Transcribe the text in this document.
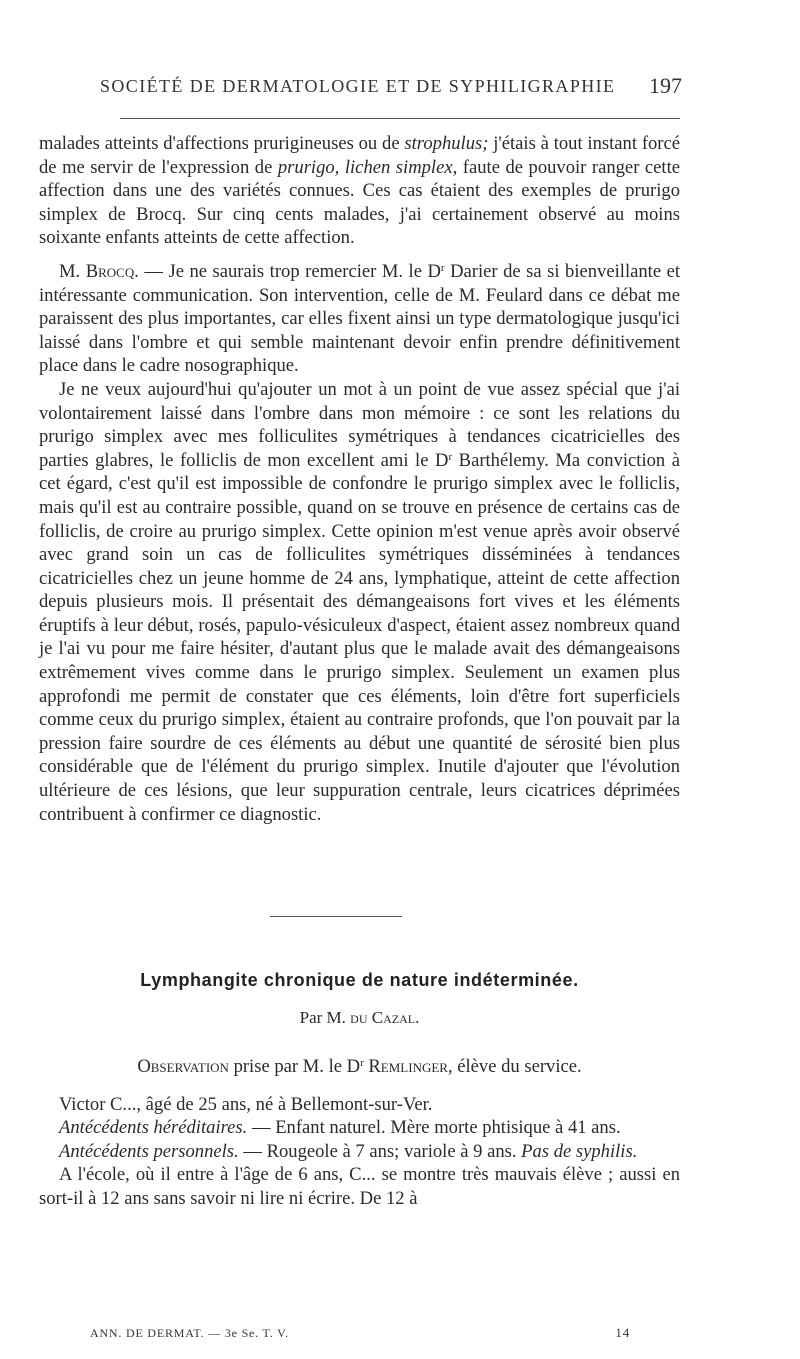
SOCIÉTÉ DE DERMATOLOGIE ET DE SYPHILIGRAPHIE 197

malades atteints d'affections prurigineuses ou de strophulus; j'étais à tout instant forcé de me servir de l'expression de prurigo, lichen simplex, faute de pouvoir ranger cette affection dans une des variétés connues. Ces cas étaient des exemples de prurigo simplex de Brocq. Sur cinq cents malades, j'ai certainement observé au moins soixante enfants atteints de cette affection.

M. Brocq. — Je ne saurais trop remercier M. le $D^r$ Darier de sa si bienveillante et intéressante communication. Son intervention, celle de M. Feulard dans ce débat me paraissent des plus importantes, car elles fixent ainsi un type dermatologique jusqu'ici laissé dans l'ombre et qui semble maintenant devoir enfin prendre définitivement place dans le cadre nosographique.

Je ne veux aujourd'hui qu'ajouter un mot à un point de vue assez spécial que j'ai volontairement laissé dans l'ombre dans mon mémoire : ce sont les relations du prurigo simplex avec mes folliculites symétriques à tendances cicatricielles des parties glabres, le folliclis de mon excellent ami le $D^r$ Barthélemy. Ma conviction à cet égard, c'est qu'il est impossible de confondre le prurigo simplex avec le folliclis, mais qu'il est au contraire possible, quand on se trouve en présence de certains cas de folliclis, de croire au prurigo simplex. Cette opinion m'est venue après avoir observé avec grand soin un cas de folliculites symétriques disséminées à tendances cicatricielles chez un jeune homme de 24 ans, lymphatique, atteint de cette affection depuis plusieurs mois. Il présentait des démangeaisons fort vives et les éléments éruptifs à leur début, rosés, papulo-vésiculeux d'aspect, étaient assez nombreux quand je l'ai vu pour me faire hésiter, d'autant plus que le malade avait des démangeaisons extrêmement vives comme dans le prurigo simplex. Seulement un examen plus approfondi me permit de constater que ces éléments, loin d'être fort superficiels comme ceux du prurigo simplex, étaient au contraire profonds, que l'on pouvait par la pression faire sourdre de ces éléments au début une quantité de sérosité bien plus considérable que de l'élément du prurigo simplex. Inutile d'ajouter que l'évolution ultérieure de ces lésions, que leur suppuration centrale, leurs cicatrices déprimées contribuent à confirmer ce diagnostic.

Lymphangite chronique de nature indéterminée.
Par M. du Cazal.

Observation prise par M. le $D^r$ Remlinger, élève du service.

Victor C..., âgé de 25 ans, né à Bellemont-sur-Ver.

Antécédents héréditaires. — Enfant naturel. Mère morte phtisique à 41 ans.

Antécédents personnels. — Rougeole à 7 ans; variole à 9 ans. Pas de syphilis.

A l'école, où il entre à l'âge de 6 ans, C... se montre très mauvais élève ; aussi en sort-il à 12 ans sans savoir ni lire ni écrire. De 12 à

ANN. DE DERMAT. — 3e Se. T. V.	14
